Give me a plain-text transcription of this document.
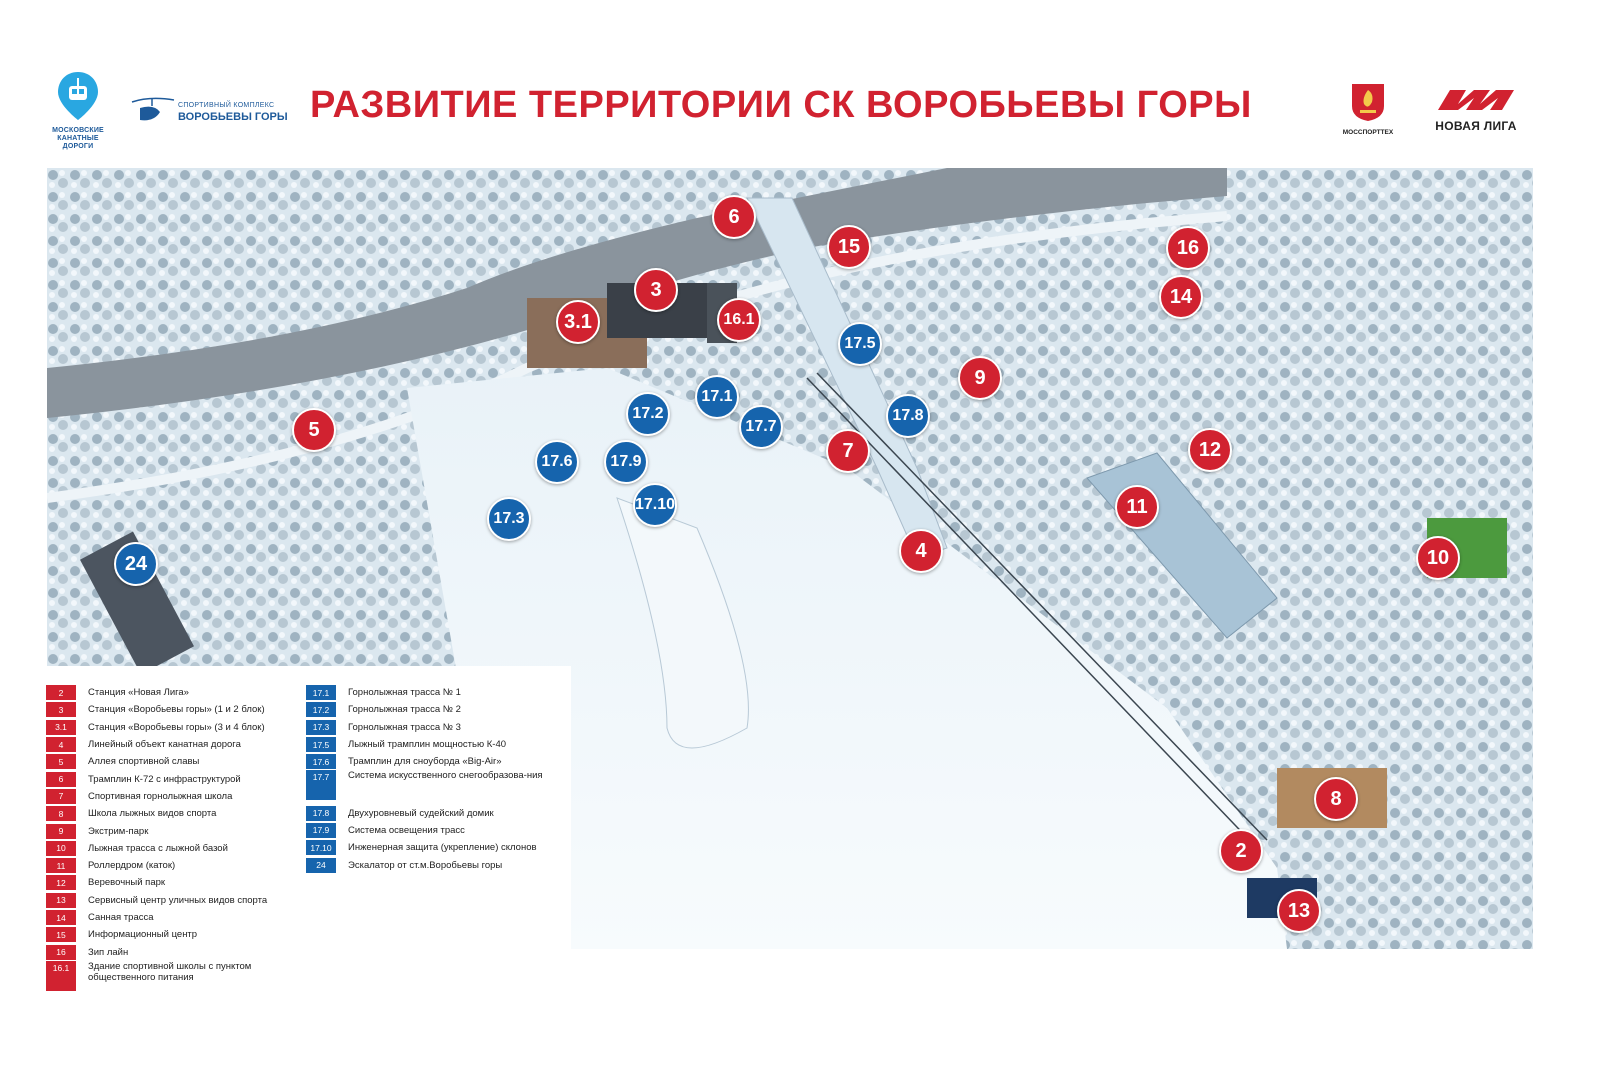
МОСКОВСКИЕ
КАНАТНЫЕ
ДОРОГИ
СПОРТИВНЫЙ КОМПЛЕКС
ВОРОБЬЕВЫ ГОРЫ РАЗВИТИЕ ТЕРРИТОРИИ СК ВОРОБЬЕВЫ ГОРЫ
МОССПОРТТЕХ	НОВАЯ ЛИГА
6
15	16
14
3
3.1	16.1
17.5
9
17.1
17.2
17.7
17.8
5
7	12
17.6	17.9
17.10	11
17.3
4
24	10
8
2
13
2	Станция «Новая Лига»
3	Станция «Воробьевы горы» (1 и 2 блок)
3.1	Станция «Воробьевы горы» (3 и 4 блок)
4	Линейный объект канатная дорога
5	Аллея спортивной славы
6	Трамплин К-72 с инфраструктурой
7	Спортивная горнолыжная школа
8	Школа лыжных видов спорта
9	Экстрим-парк
10	Лыжная трасса с лыжной базой
11	Роллердром (каток)
12	Веревочный парк
13	Сервисный центр уличных видов спорта
14	Санная трасса
15	Информационный центр
16	Зип лайн
16.1	Здание спортивной школы с пунктом общественного питания
17.1	Горнолыжная трасса № 1
17.2	Горнолыжная трасса № 2
17.3	Горнолыжная трасса № 3
17.5	Лыжный трамплин мощностью К-40
17.6	Трамплин для сноуборда «Big-Air»
17.7	Система искусственного снегообразова-ния
17.8	Двухуровневый судейский домик
17.9	Система освещения трасс
17.10	Инженерная защита (укрепление) склонов
24	Эскалатор от ст.м.Воробьевы горы
